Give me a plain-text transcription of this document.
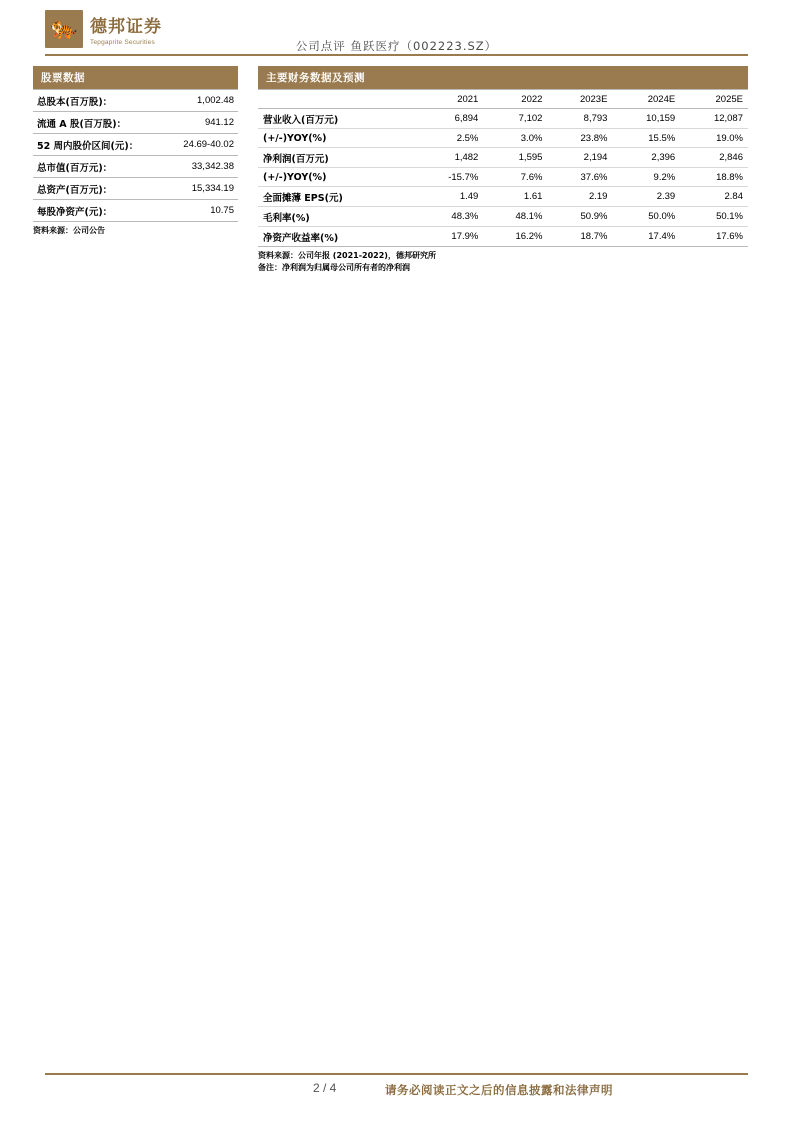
🐅 德邦证券
Tepgaprite Securities	公司点评 鱼跃医疗（002223.SZ）
股票数据
总股本(百万股)：	1,002.48
流通 A 股(百万股)：	941.12
52 周内股价区间(元)：	24.69-40.02
总市值(百万元)：	33,342.38
总资产(百万元)：	15,334.19
每股净资产(元)：	10.75
资料来源：公司公告
主要财务数据及预测
	2021	2022	2023E	2024E	2025E
营业收入(百万元)	6,894	7,102	8,793	10,159	12,087
(+/-)YOY(%)	2.5%	3.0%	23.8%	15.5%	19.0%
净利润(百万元)	1,482	1,595	2,194	2,396	2,846
(+/-)YOY(%)	-15.7%	7.6%	37.6%	9.2%	18.8%
全面摊薄 EPS(元)	1.49	1.61	2.19	2.39	2.84
毛利率(%)	48.3%	48.1%	50.9%	50.0%	50.1%
净资产收益率(%)	17.9%	16.2%	18.7%	17.4%	17.6%
资料来源：公司年报 (2021-2022)，德邦研究所
备注：净利润为归属母公司所有者的净利润
2 / 4	请务必阅读正文之后的信息披露和法律声明
